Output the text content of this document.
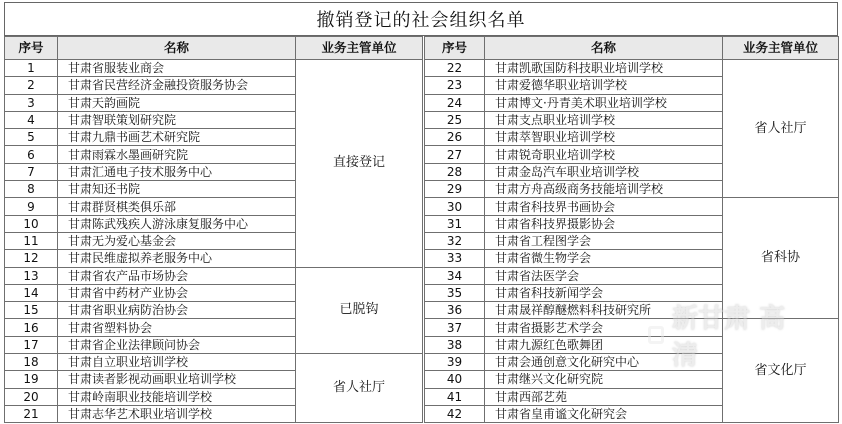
撤销登记的社会组织名单
序号	名称	业务主管单位
1	甘肃省服装业商会	直接登记
2	甘肃省民营经济金融投资服务协会	
3	甘肃天韵画院	
4	甘肃智联策划研究院	
5	甘肃九鼎书画艺术研究院	
6	甘肃雨霖水墨画研究院	
7	甘肃汇通电子技术服务中心	
8	甘肃知还书院	
9	甘肃群贤棋类俱乐部	
10	甘肃陈武残疾人游泳康复服务中心	
11	甘肃无为爱心基金会	
12	甘肃民维虚拟养老服务中心	
13	甘肃省农产品市场协会	已脱钩
14	甘肃省中药材产业协会	
15	甘肃省职业病防治协会	
16	甘肃省塑料协会	
17	甘肃省企业法律顾问协会	
18	甘肃自立职业培训学校	省人社厅
19	甘肃读者影视动画职业培训学校	
20	甘肃岭南职业技能培训学校	
21	甘肃志华艺术职业培训学校	
序号	名称	业务主管单位
22	甘肃凯歌国防科技职业培训学校	省人社厅
23	甘肃爱德华职业培训学校	
24	甘肃博文·丹青美术职业培训学校	
25	甘肃支点职业培训学校	
26	甘肃萃智职业培训学校	
27	甘肃锐奇职业培训学校	
28	甘肃金岛汽车职业培训学校	
29	甘肃方舟高级商务技能培训学校	
30	甘肃省科技界书画协会	省科协
31	甘肃省科技界摄影协会	
32	甘肃省工程图学会	
33	甘肃省微生物学会	
34	甘肃省法医学会	
35	甘肃省科技新闻学会	
36	甘肃晟祥醇醚燃料科技研究所	
37	甘肃省摄影艺术学会	省文化厅
38	甘肃九源红色歌舞团	
39	甘肃会通创意文化研究中心	
40	甘肃继兴文化研究院	
41	甘肃西部艺苑	
42	甘肃省皇甫谧文化研究会	
新甘肃 高清
